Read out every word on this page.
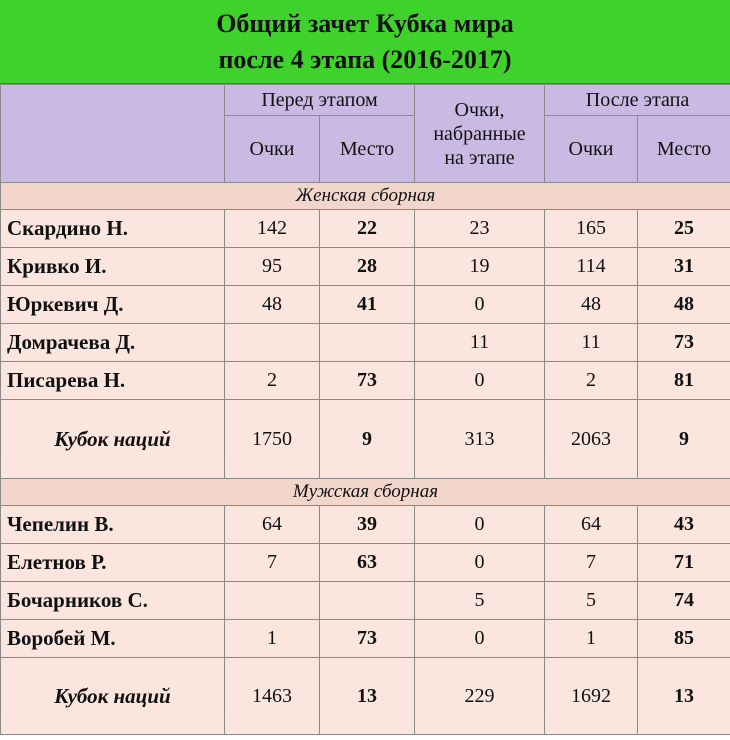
Общий зачет Кубка мира
после 4 этапа (2016-2017)
	Перед этапом		Очки,
набранные
на этапе	После этапа	
	Очки	Место		Очки	Место
Женская сборная					
Скардино Н.	142	22	23	165	25
Кривко И.	95	28	19	114	31
Юркевич Д.	48	41	0	48	48
Домрачева Д.			11	11	73
Писарева Н.	2	73	0	2	81
Кубок наций	1750	9	313	2063	9
Мужская сборная					
Чепелин В.	64	39	0	64	43
Елетнов Р.	7	63	0	7	71
Бочарников С.			5	5	74
Воробей М.	1	73	0	1	85
Кубок наций	1463	13	229	1692	13
